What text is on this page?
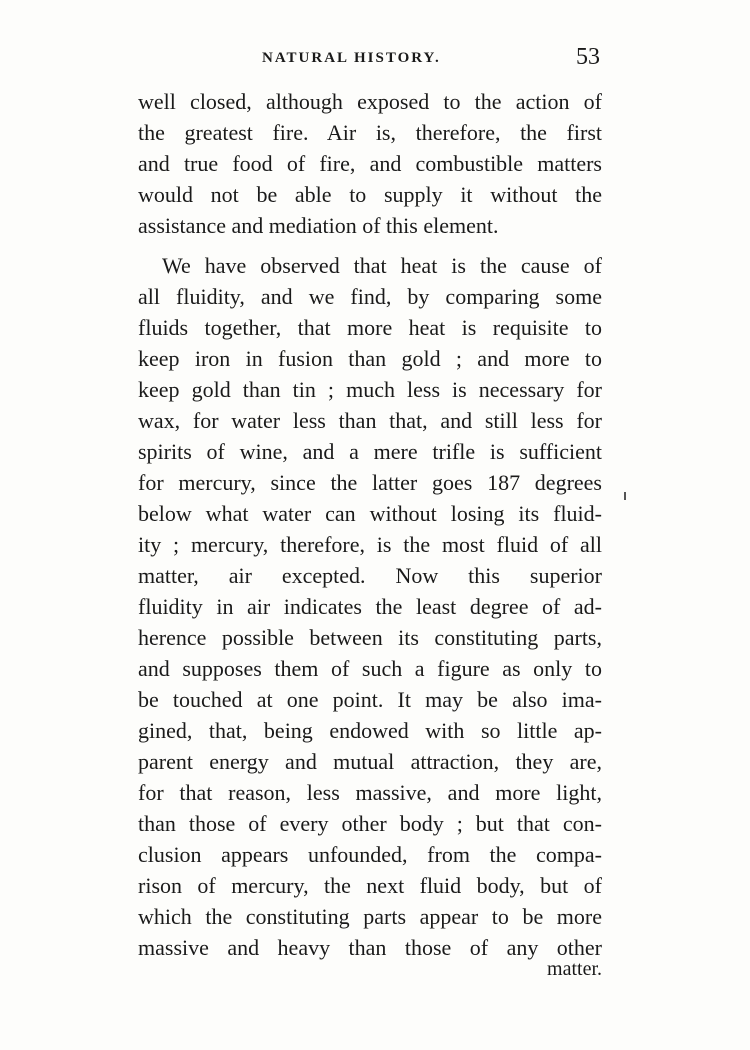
NATURAL HISTORY.	53
well closed, although exposed to the action of
the greatest fire. Air is, therefore, the first
and true food of fire, and combustible matters
would not be able to supply it without the
assistance and mediation of this element.
We have observed that heat is the cause of
all fluidity, and we find, by comparing some
fluids together, that more heat is requisite to
keep iron in fusion than gold ; and more to
keep gold than tin ; much less is necessary for
wax, for water less than that, and still less for
spirits of wine, and a mere trifle is sufficient
for mercury, since the latter goes 187 degrees
below what water can without losing its fluid-
ity ; mercury, therefore, is the most fluid of all
matter, air excepted. Now this superior
fluidity in air indicates the least degree of ad-
herence possible between its constituting parts,
and supposes them of such a figure as only to
be touched at one point. It may be also ima-
gined, that, being endowed with so little ap-
parent energy and mutual attraction, they are,
for that reason, less massive, and more light,
than those of every other body ; but that con-
clusion appears unfounded, from the compa-
rison of mercury, the next fluid body, but of
which the constituting parts appear to be more
massive and heavy than those of any other
matter.
